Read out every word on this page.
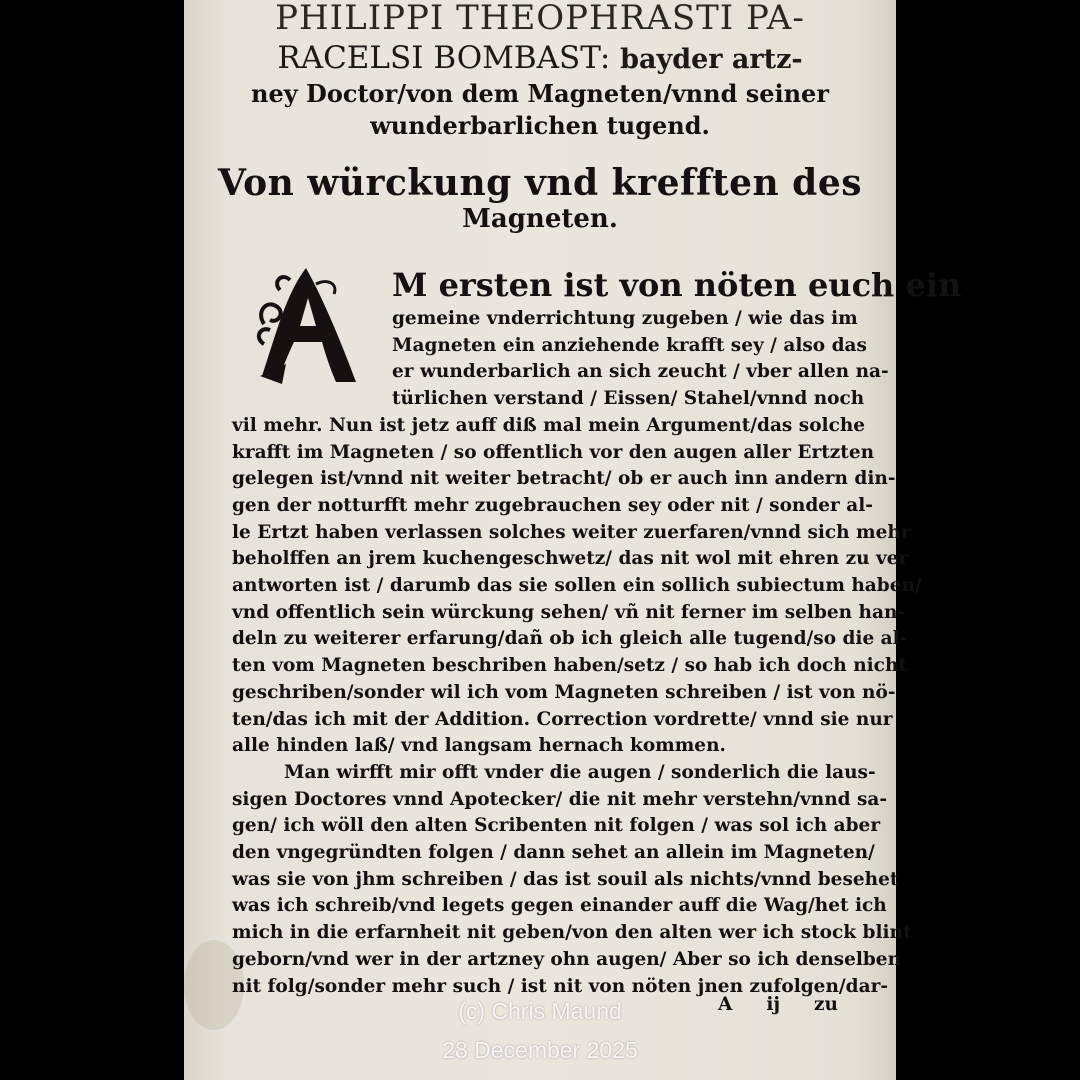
PHILIPPI THEOPHRASTI PA-
RACELSI BOMBAST: bayder artz-
ney Doctor/von dem Magneten/vnnd seiner
wunderbarlichen tugend.
Von würckung vnd krefften des
Magneten.
M ersten ist von nöten euch ein
A ij zu
gemeine vnderrichtung zugeben / wie das im
Magneten ein anziehende krafft sey / also das
er wunderbarlich an sich zeucht / vber allen na-
türlichen verstand / Eissen/ Stahel/vnnd noch
vil mehr. Nun ist jetz auff diß mal mein Argument/das solche
krafft im Magneten / so offentlich vor den augen aller Ertzten
gelegen ist/vnnd nit weiter betracht/ ob er auch inn andern din-
gen der notturfft mehr zugebrauchen sey oder nit / sonder al-
le Ertzt haben verlassen solches weiter zuerfaren/vnnd sich mehr
beholffen an jrem kuchengeschwetz/ das nit wol mit ehren zu ver
antworten ist / darumb das sie sollen ein sollich subiectum haben/
vnd offentlich sein würckung sehen/ vñ nit ferner im selben han-
deln zu weiterer erfarung/dañ ob ich gleich alle tugend/so die al-
ten vom Magneten beschriben haben/setz / so hab ich doch nicht
geschriben/sonder wil ich vom Magneten schreiben / ist von nö-
ten/das ich mit der Addition. Correction vordrette/ vnnd sie nur
alle hinden laß/ vnd langsam hernach kommen.
Man wirfft mir offt vnder die augen / sonderlich die laus-
sigen Doctores vnnd Apotecker/ die nit mehr verstehn/vnnd sa-
gen/ ich wöll den alten Scribenten nit folgen / was sol ich aber
den vngegründten folgen / dann sehet an allein im Magneten/
was sie von jhm schreiben / das ist souil als nichts/vnnd besehet
was ich schreib/vnd legets gegen einander auff die Wag/het ich
mich in die erfarnheit nit geben/von den alten wer ich stock blint
geborn/vnd wer in der artzney ohn augen/ Aber so ich denselben
nit folg/sonder mehr such / ist nit von nöten jnen zufolgen/dar-
(c) Chris Maund
28 December 2025
